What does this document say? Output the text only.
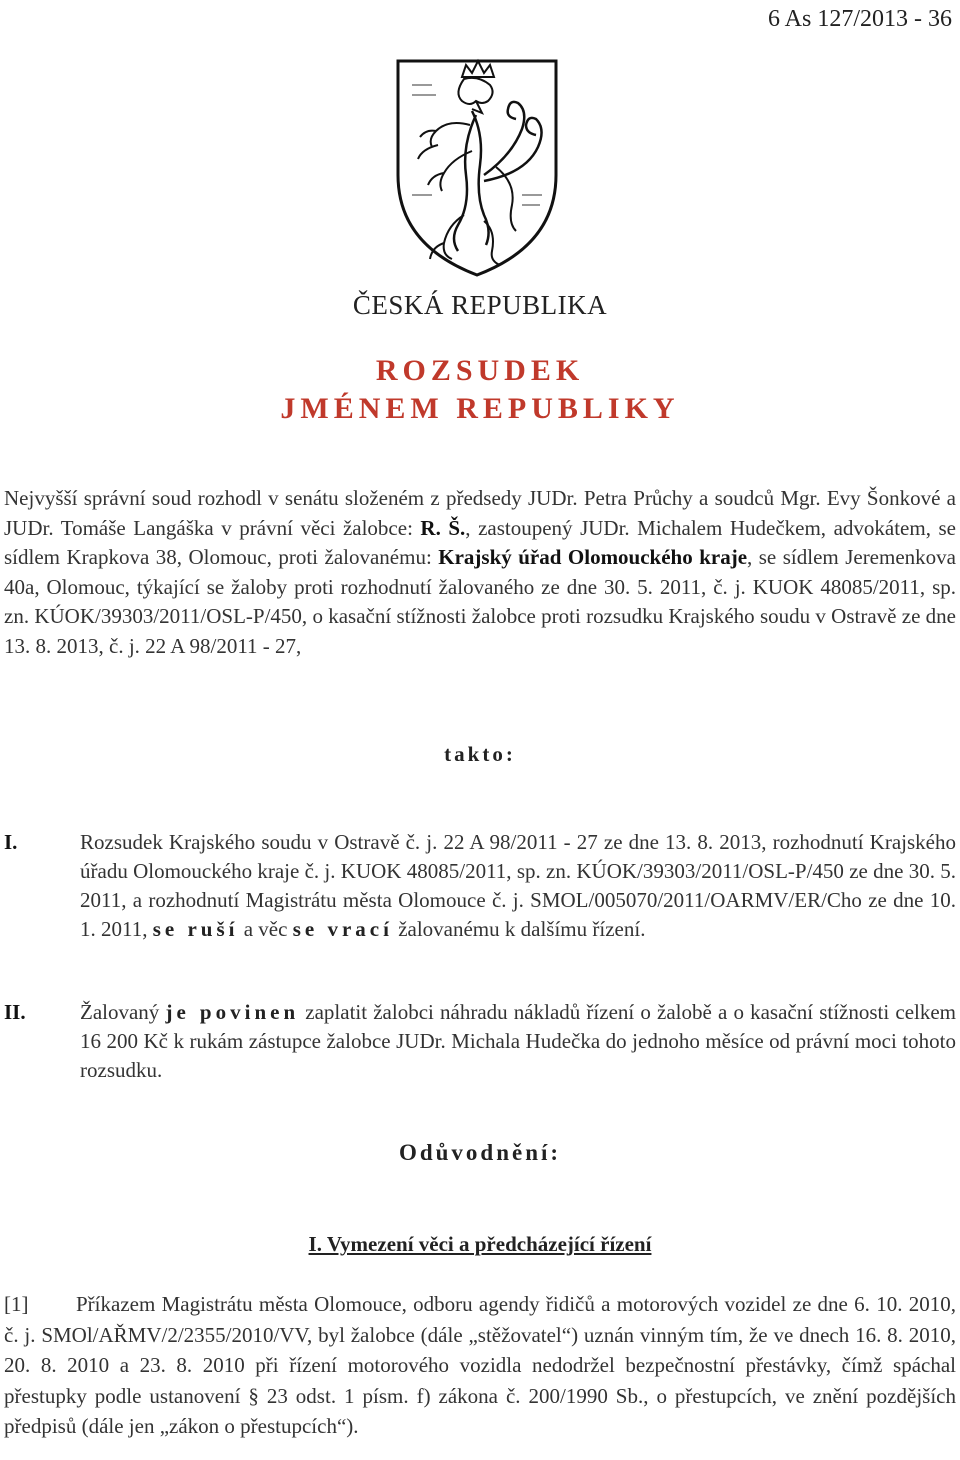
6 As 127/2013 - 36
ČESKÁ REPUBLIKA
ROZSUDEK
JMÉNEM REPUBLIKY
Nejvyšší správní soud rozhodl v senátu složeném z předsedy JUDr. Petra Průchy a soudců Mgr. Evy Šonkové a JUDr. Tomáše Langáška v právní věci žalobce: R. Š., zastoupený JUDr. Michalem Hudečkem, advokátem, se sídlem Krapkova 38, Olomouc, proti žalovanému: Krajský úřad Olomouckého kraje, se sídlem Jeremenkova 40a, Olomouc, týkající se žaloby proti rozhodnutí žalovaného ze dne 30. 5. 2011, č. j. KUOK 48085/2011, sp. zn. KÚOK/39303/2011/OSL-P/450, o kasační stížnosti žalobce proti rozsudku Krajského soudu v Ostravě ze dne 13. 8. 2013, č. j. 22 A 98/2011 - 27,
takto:
I.	Rozsudek Krajského soudu v Ostravě č. j. 22 A 98/2011 - 27 ze dne 13. 8. 2013, rozhodnutí Krajského úřadu Olomouckého kraje č. j. KUOK 48085/2011, sp. zn. KÚOK/39303/2011/OSL-P/450 ze dne 30. 5. 2011, a rozhodnutí Magistrátu města Olomouce č. j. SMOL/005070/2011/OARMV/ER/Cho ze dne 10. 1. 2011, se ruší a věc se vrací žalovanému k dalšímu řízení.
II.	Žalovaný je povinen zaplatit žalobci náhradu nákladů řízení o žalobě a o kasační stížnosti celkem 16 200 Kč k rukám zástupce žalobce JUDr. Michala Hudečka do jednoho měsíce od právní moci tohoto rozsudku.
Odůvodnění:
I. Vymezení věci a předcházející řízení
[1] Příkazem Magistrátu města Olomouce, odboru agendy řidičů a motorových vozidel ze dne 6. 10. 2010, č. j. SMOl/AŘMV/2/2355/2010/VV, byl žalobce (dále „stěžovatel“) uznán vinným tím, že ve dnech 16. 8. 2010, 20. 8. 2010 a 23. 8. 2010 při řízení motorového vozidla nedodržel bezpečnostní přestávky, čímž spáchal přestupky podle ustanovení § 23 odst. 1 písm. f) zákona č. 200/1990 Sb., o přestupcích, ve znění pozdějších předpisů (dále jen „zákon o přestupcích“).
